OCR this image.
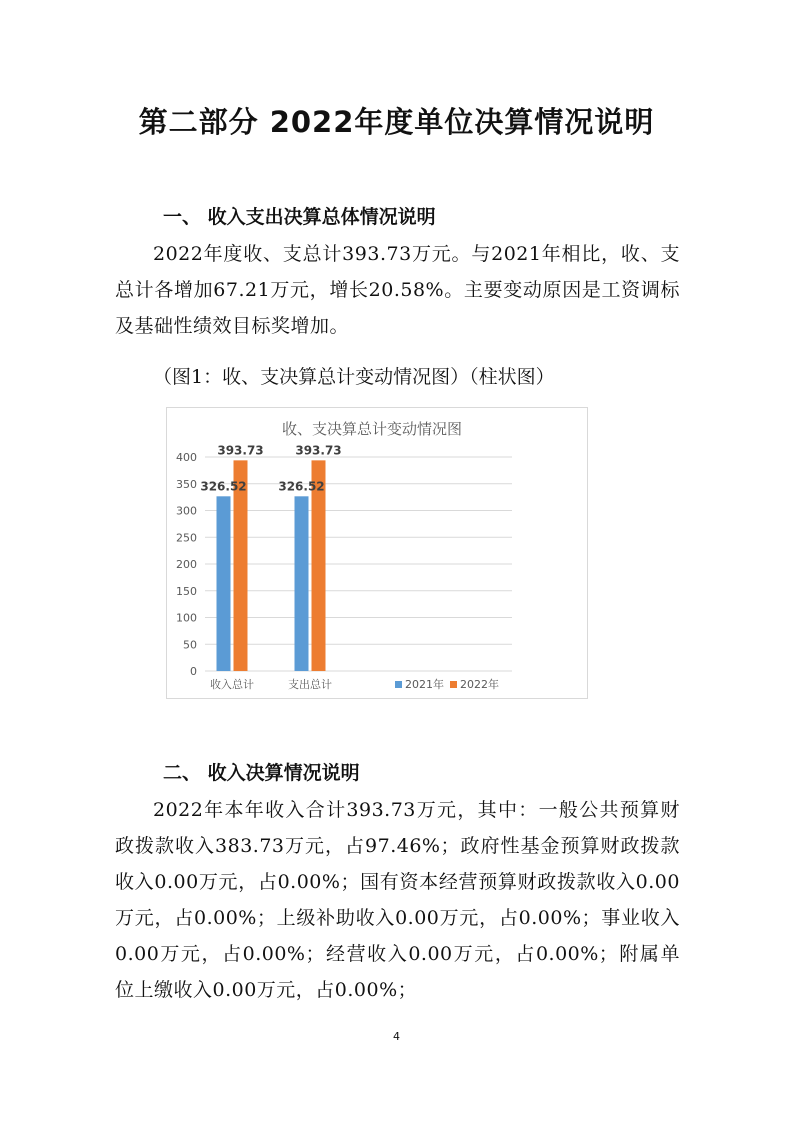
第二部分 2022年度单位决算情况说明
一、 收入支出决算总体情况说明
2022年度收、支总计393.73万元。与2021年相比，收、支总计各增加67.21万元，增长20.58%。主要变动原因是工资调标及基础性绩效目标奖增加。
（图1：收、支决算总计变动情况图）（柱状图）
收、支决算总计变动情况图
0
50
100
150
200
250
300
350
400
326.52
393.73
收入总计
326.52
393.73
支出总计	2021年 2022年
二、 收入决算情况说明
2022年本年收入合计393.73万元，其中：一般公共预算财政拨款收入383.73万元，占97.46%；政府性基金预算财政拨款收入0.00万元，占0.00%；国有资本经营预算财政拨款收入0.00万元，占0.00%；上级补助收入0.00万元，占0.00%；事业收入0.00万元，占0.00%；经营收入0.00万元，占0.00%；附属单位上缴收入0.00万元，占0.00%；
4
